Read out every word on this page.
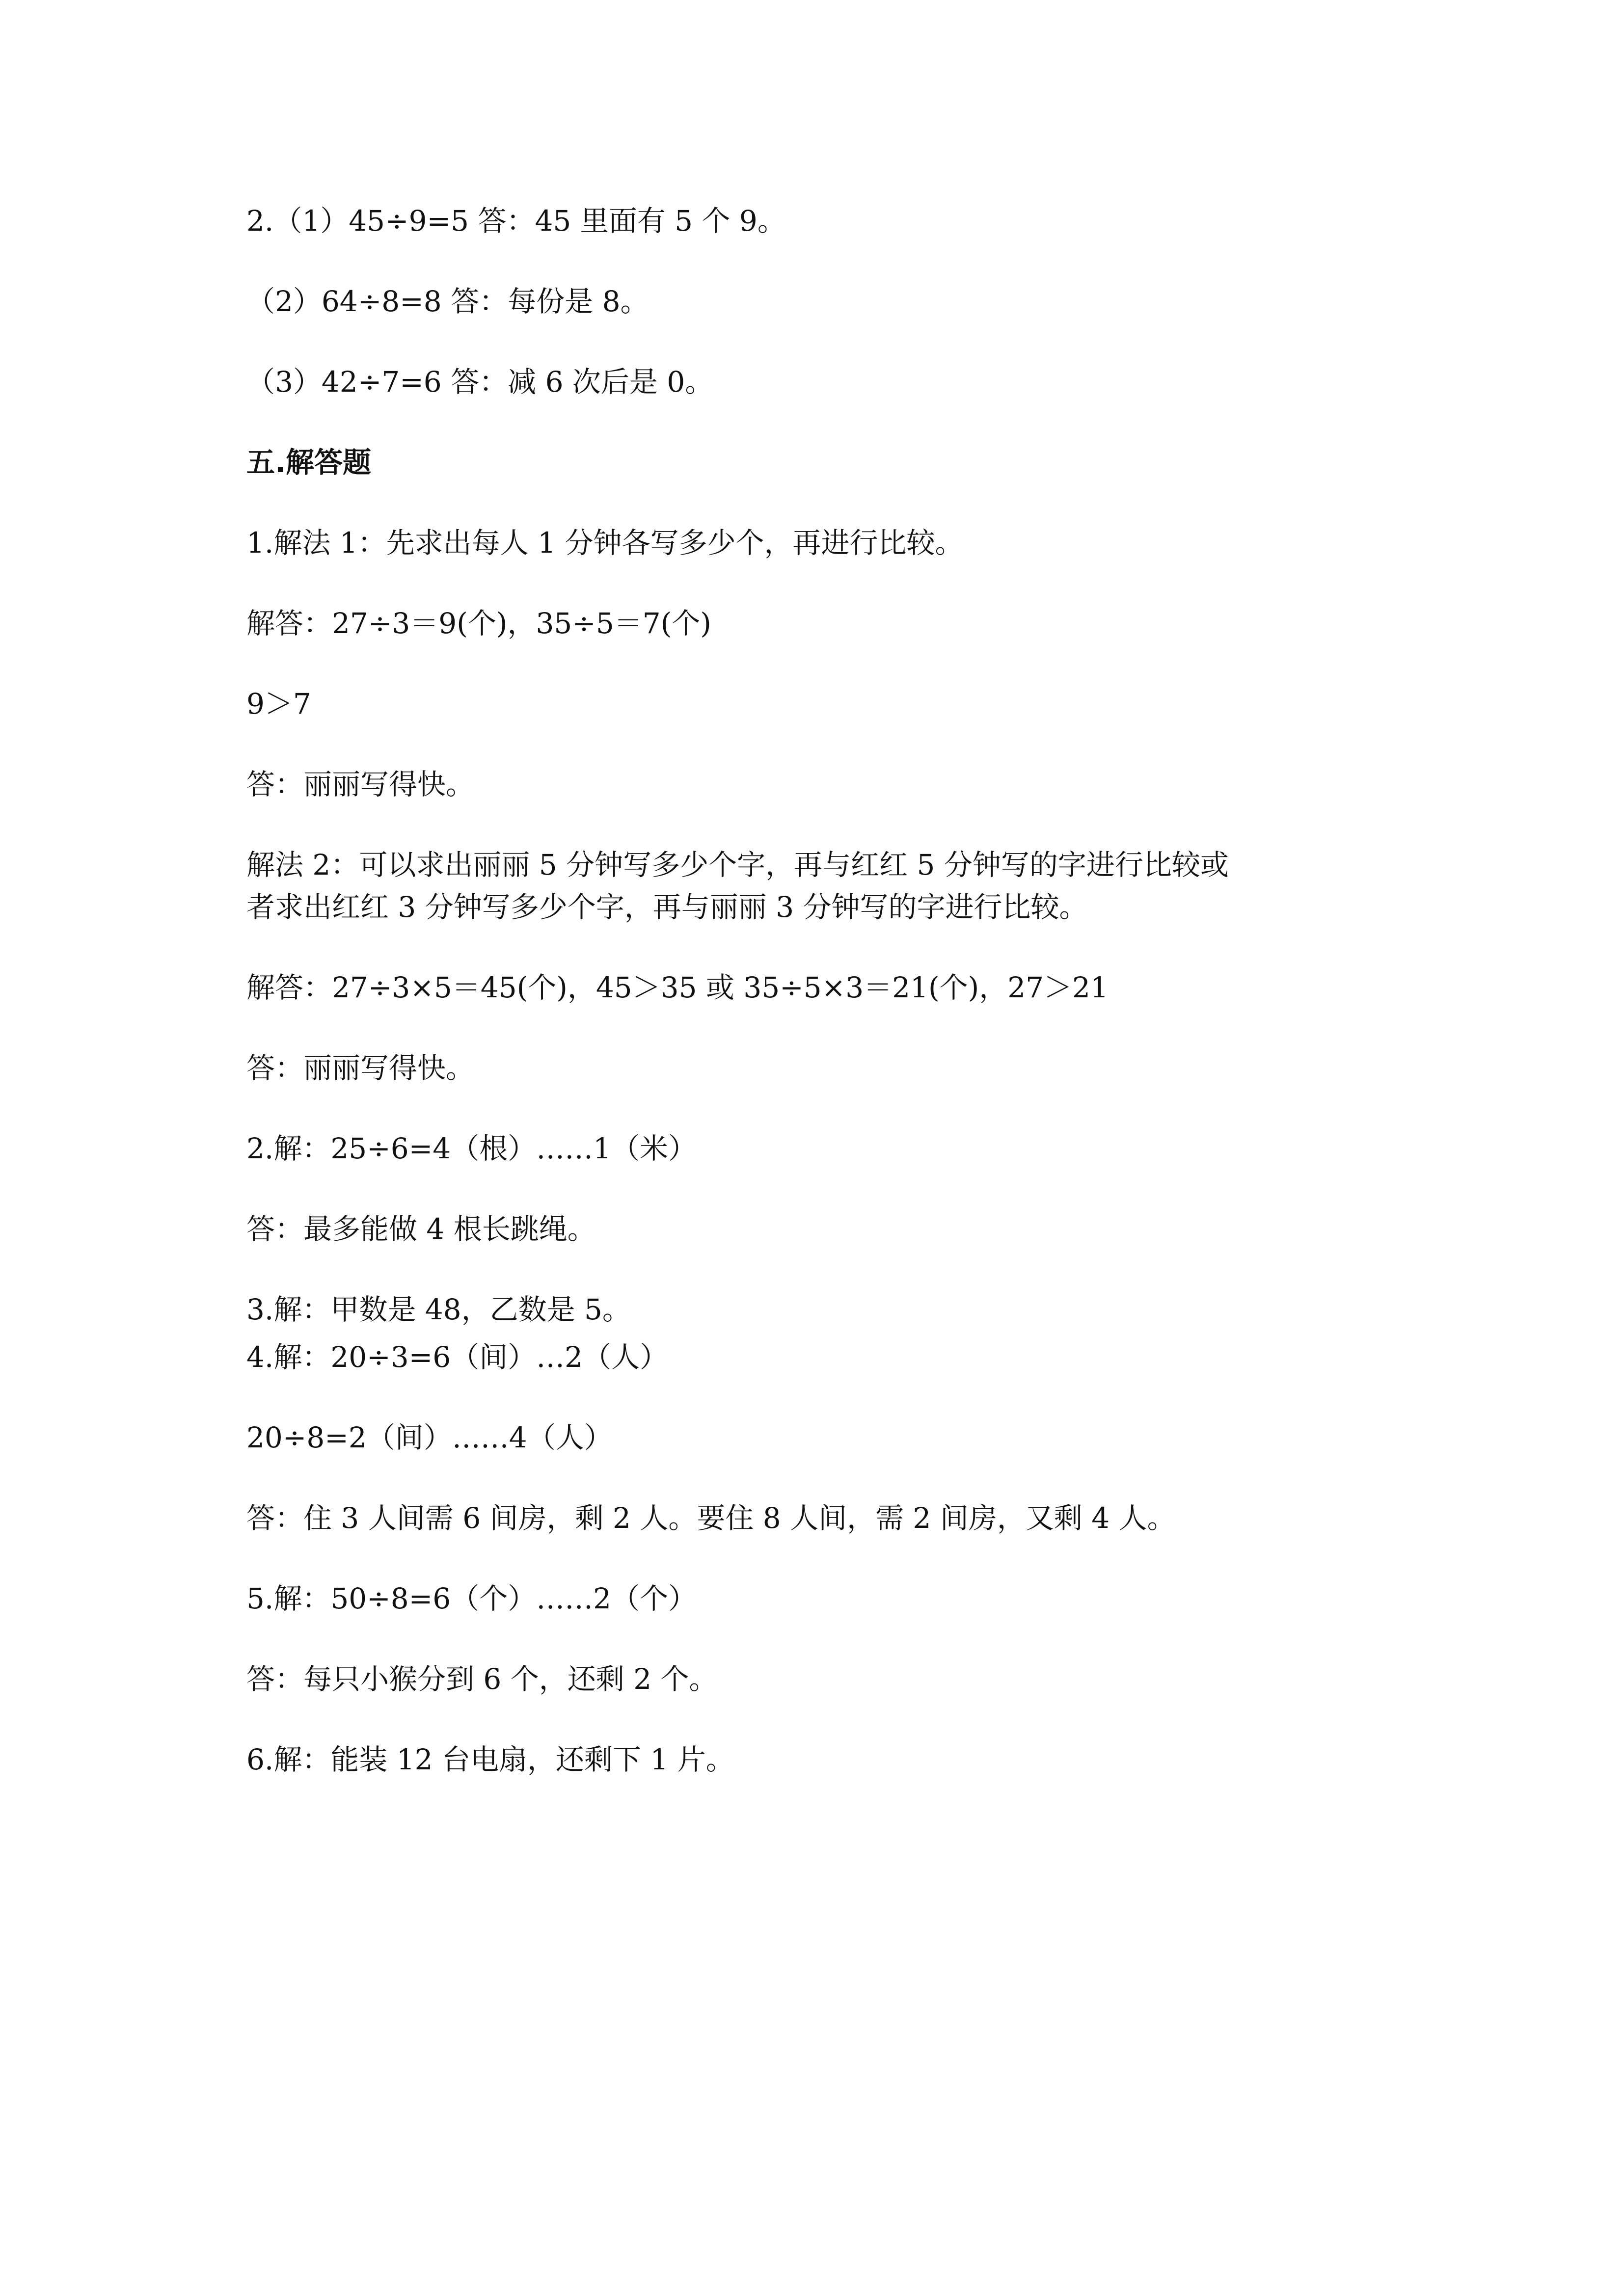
2.（1）45÷9=5 答：45 里面有 5 个 9。
（2）64÷8=8 答：每份是 8。
（3）42÷7=6 答：减 6 次后是 0。
五.解答题
1.解法 1：先求出每人 1 分钟各写多少个，再进行比较。
解答：27÷3＝9(个)，35÷5＝7(个)
9＞7
答：丽丽写得快。
解法 2：可以求出丽丽 5 分钟写多少个字，再与红红 5 分钟写的字进行比较或
者求出红红 3 分钟写多少个字，再与丽丽 3 分钟写的字进行比较。
解答：27÷3×5＝45(个)，45＞35 或 35÷5×3＝21(个)，27＞21
答：丽丽写得快。
2.解：25÷6=4（根）……1（米）
答：最多能做 4 根长跳绳。
3.解：甲数是 48，乙数是 5。
4.解：20÷3=6（间）…2（人）
20÷8=2（间）……4（人）
答：住 3 人间需 6 间房，剩 2 人。要住 8 人间，需 2 间房，又剩 4 人。
5.解：50÷8=6（个）……2（个）
答：每只小猴分到 6 个，还剩 2 个。
6.解：能装 12 台电扇，还剩下 1 片。
